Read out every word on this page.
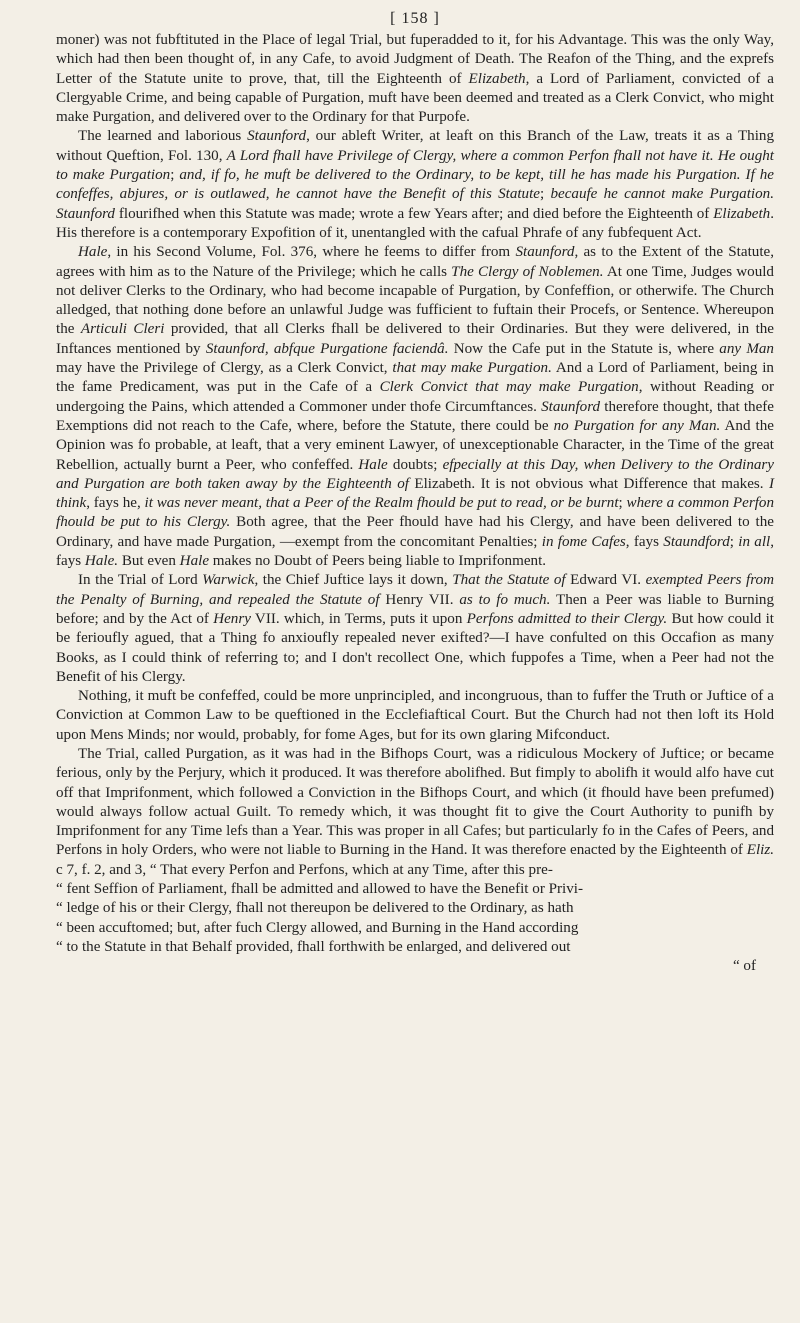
[ 158 ]

moner) was not fubftituted in the Place of legal Trial, but fuperadded to it, for his Advantage. This was the only Way, which had then been thought of, in any Cafe, to avoid Judgment of Death. The Reafon of the Thing, and the exprefs Letter of the Statute unite to prove, that, till the Eighteenth of Elizabeth, a Lord of Parliament, convicted of a Clergyable Crime, and being capable of Purgation, muft have been deemed and treated as a Clerk Convict, who might make Purgation, and delivered over to the Ordinary for that Purpofe.

The learned and laborious Staunford, our ableft Writer, at leaft on this Branch of the Law, treats it as a Thing without Queftion, Fol. 130, A Lord fhall have Privilege of Clergy, where a common Perfon fhall not have it. He ought to make Purgation; and, if fo, he muft be delivered to the Ordinary, to be kept, till he has made his Purgation. If he confeffes, abjures, or is outlawed, he cannot have the Benefit of this Statute; becaufe he cannot make Purgation. Staunford flourifhed when this Statute was made; wrote a few Years after; and died before the Eighteenth of Elizabeth. His therefore is a contemporary Expofition of it, unentangled with the cafual Phrafe of any fubfequent Act.

Hale, in his Second Volume, Fol. 376, where he feems to differ from Staunford, as to the Extent of the Statute, agrees with him as to the Nature of the Privilege; which he calls The Clergy of Noblemen. At one Time, Judges would not deliver Clerks to the Ordinary, who had become incapable of Purgation, by Confeffion, or otherwife. The Church alledged, that nothing done before an unlawful Judge was fufficient to fuftain their Procefs, or Sentence. Whereupon the Articuli Cleri provided, that all Clerks fhall be delivered to their Ordinaries. But they were delivered, in the Inftances mentioned by Staunford, abfque Purgatione faciendâ. Now the Cafe put in the Statute is, where any Man may have the Privilege of Clergy, as a Clerk Convict, that may make Purgation. And a Lord of Parliament, being in the fame Predicament, was put in the Cafe of a Clerk Convict that may make Purgation, without Reading or undergoing the Pains, which attended a Commoner under thofe Circumftances. Staunford therefore thought, that thefe Exemptions did not reach to the Cafe, where, before the Statute, there could be no Purgation for any Man. And the Opinion was fo probable, at leaft, that a very eminent Lawyer, of unexceptionable Character, in the Time of the great Rebellion, actually burnt a Peer, who confeffed. Hale doubts; efpecially at this Day, when Delivery to the Ordinary and Purgation are both taken away by the Eighteenth of Elizabeth. It is not obvious what Difference that makes. I think, fays he, it was never meant, that a Peer of the Realm fhould be put to read, or be burnt; where a common Perfon fhould be put to his Clergy. Both agree, that the Peer fhould have had his Clergy, and have been delivered to the Ordinary, and have made Purgation, —exempt from the concomitant Penalties; in fome Cafes, fays Staundford; in all, fays Hale. But even Hale makes no Doubt of Peers being liable to Imprifonment.

In the Trial of Lord Warwick, the Chief Juftice lays it down, That the Statute of Edward VI. exempted Peers from the Penalty of Burning, and repealed the Statute of Henry VII. as to fo much. Then a Peer was liable to Burning before; and by the Act of Henry VII. which, in Terms, puts it upon Perfons admitted to their Clergy. But how could it be ferioufly agued, that a Thing fo anxioufly repealed never exifted?—I have confulted on this Occafion as many Books, as I could think of referring to; and I don't recollect One, which fuppofes a Time, when a Peer had not the Benefit of his Clergy.

Nothing, it muft be confeffed, could be more unprincipled, and incongruous, than to fuffer the Truth or Juftice of a Conviction at Common Law to be queftioned in the Ecclefiaftical Court. But the Church had not then loft its Hold upon Mens Minds; nor would, probably, for fome Ages, but for its own glaring Mifconduct.

The Trial, called Purgation, as it was had in the Bifhops Court, was a ridiculous Mockery of Juftice; or became ferious, only by the Perjury, which it produced. It was therefore abolifhed. But fimply to abolifh it would alfo have cut off that Imprifonment, which followed a Conviction in the Bifhops Court, and which (it fhould have been prefumed) would always follow actual Guilt. To remedy which, it was thought fit to give the Court Authority to punifh by Imprifonment for any Time lefs than a Year. This was proper in all Cafes; but particularly fo in the Cafes of Peers, and Perfons in holy Orders, who were not liable to Burning in the Hand. It was therefore enacted by the Eighteenth of Eliz. c 7, f. 2, and 3, “ That every Perfon and Perfons, which at any Time, after this pre-

“ fent Seffion of Parliament, fhall be admitted and allowed to have the Benefit or Privi-

“ ledge of his or their Clergy, fhall not thereupon be delivered to the Ordinary, as hath

“ been accuftomed; but, after fuch Clergy allowed, and Burning in the Hand according

“ to the Statute in that Behalf provided, fhall forthwith be enlarged, and delivered out

“ of
